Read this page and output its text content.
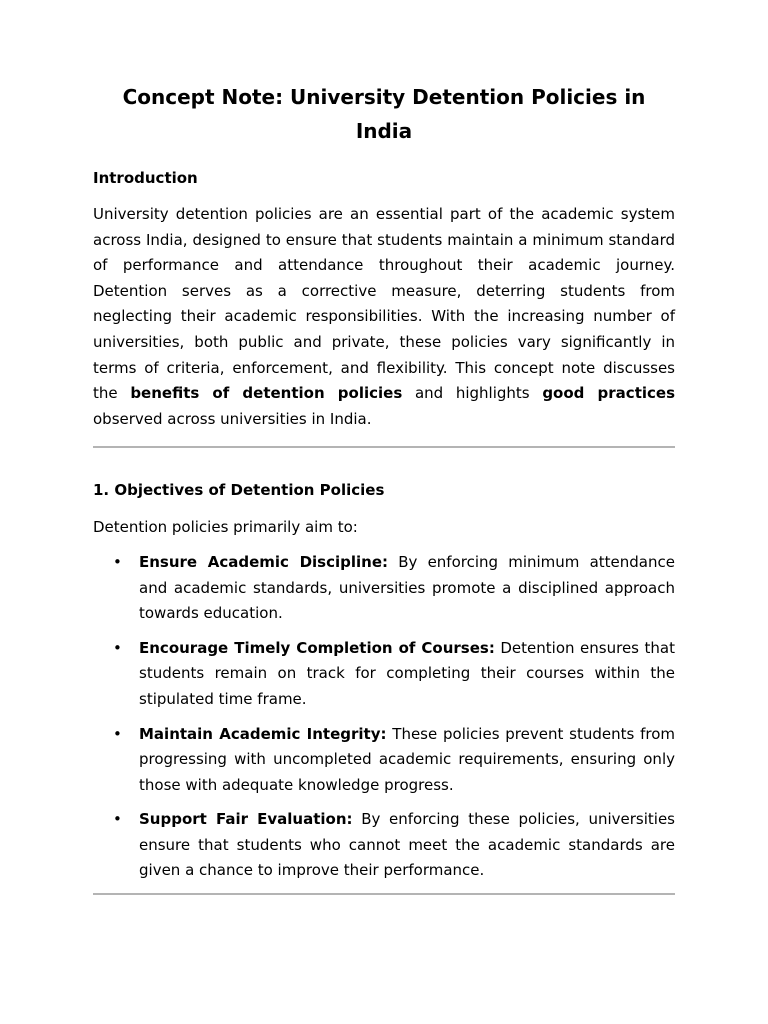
Concept Note: University Detention Policies in India
Introduction

University detention policies are an essential part of the academic system across India, designed to ensure that students maintain a minimum standard of performance and attendance throughout their academic journey. Detention serves as a corrective measure, deterring students from neglecting their academic responsibilities. With the increasing number of universities, both public and private, these policies vary significantly in terms of criteria, enforcement, and flexibility. This concept note discusses the benefits of detention policies and highlights good practices observed across universities in India.

1. Objectives of Detention Policies

Detention policies primarily aim to:

• Ensure Academic Discipline: By enforcing minimum attendance and academic standards, universities promote a disciplined approach towards education.
• Encourage Timely Completion of Courses: Detention ensures that students remain on track for completing their courses within the stipulated time frame.
• Maintain Academic Integrity: These policies prevent students from progressing with uncompleted academic requirements, ensuring only those with adequate knowledge progress.
• Support Fair Evaluation: By enforcing these policies, universities ensure that students who cannot meet the academic standards are given a chance to improve their performance.
